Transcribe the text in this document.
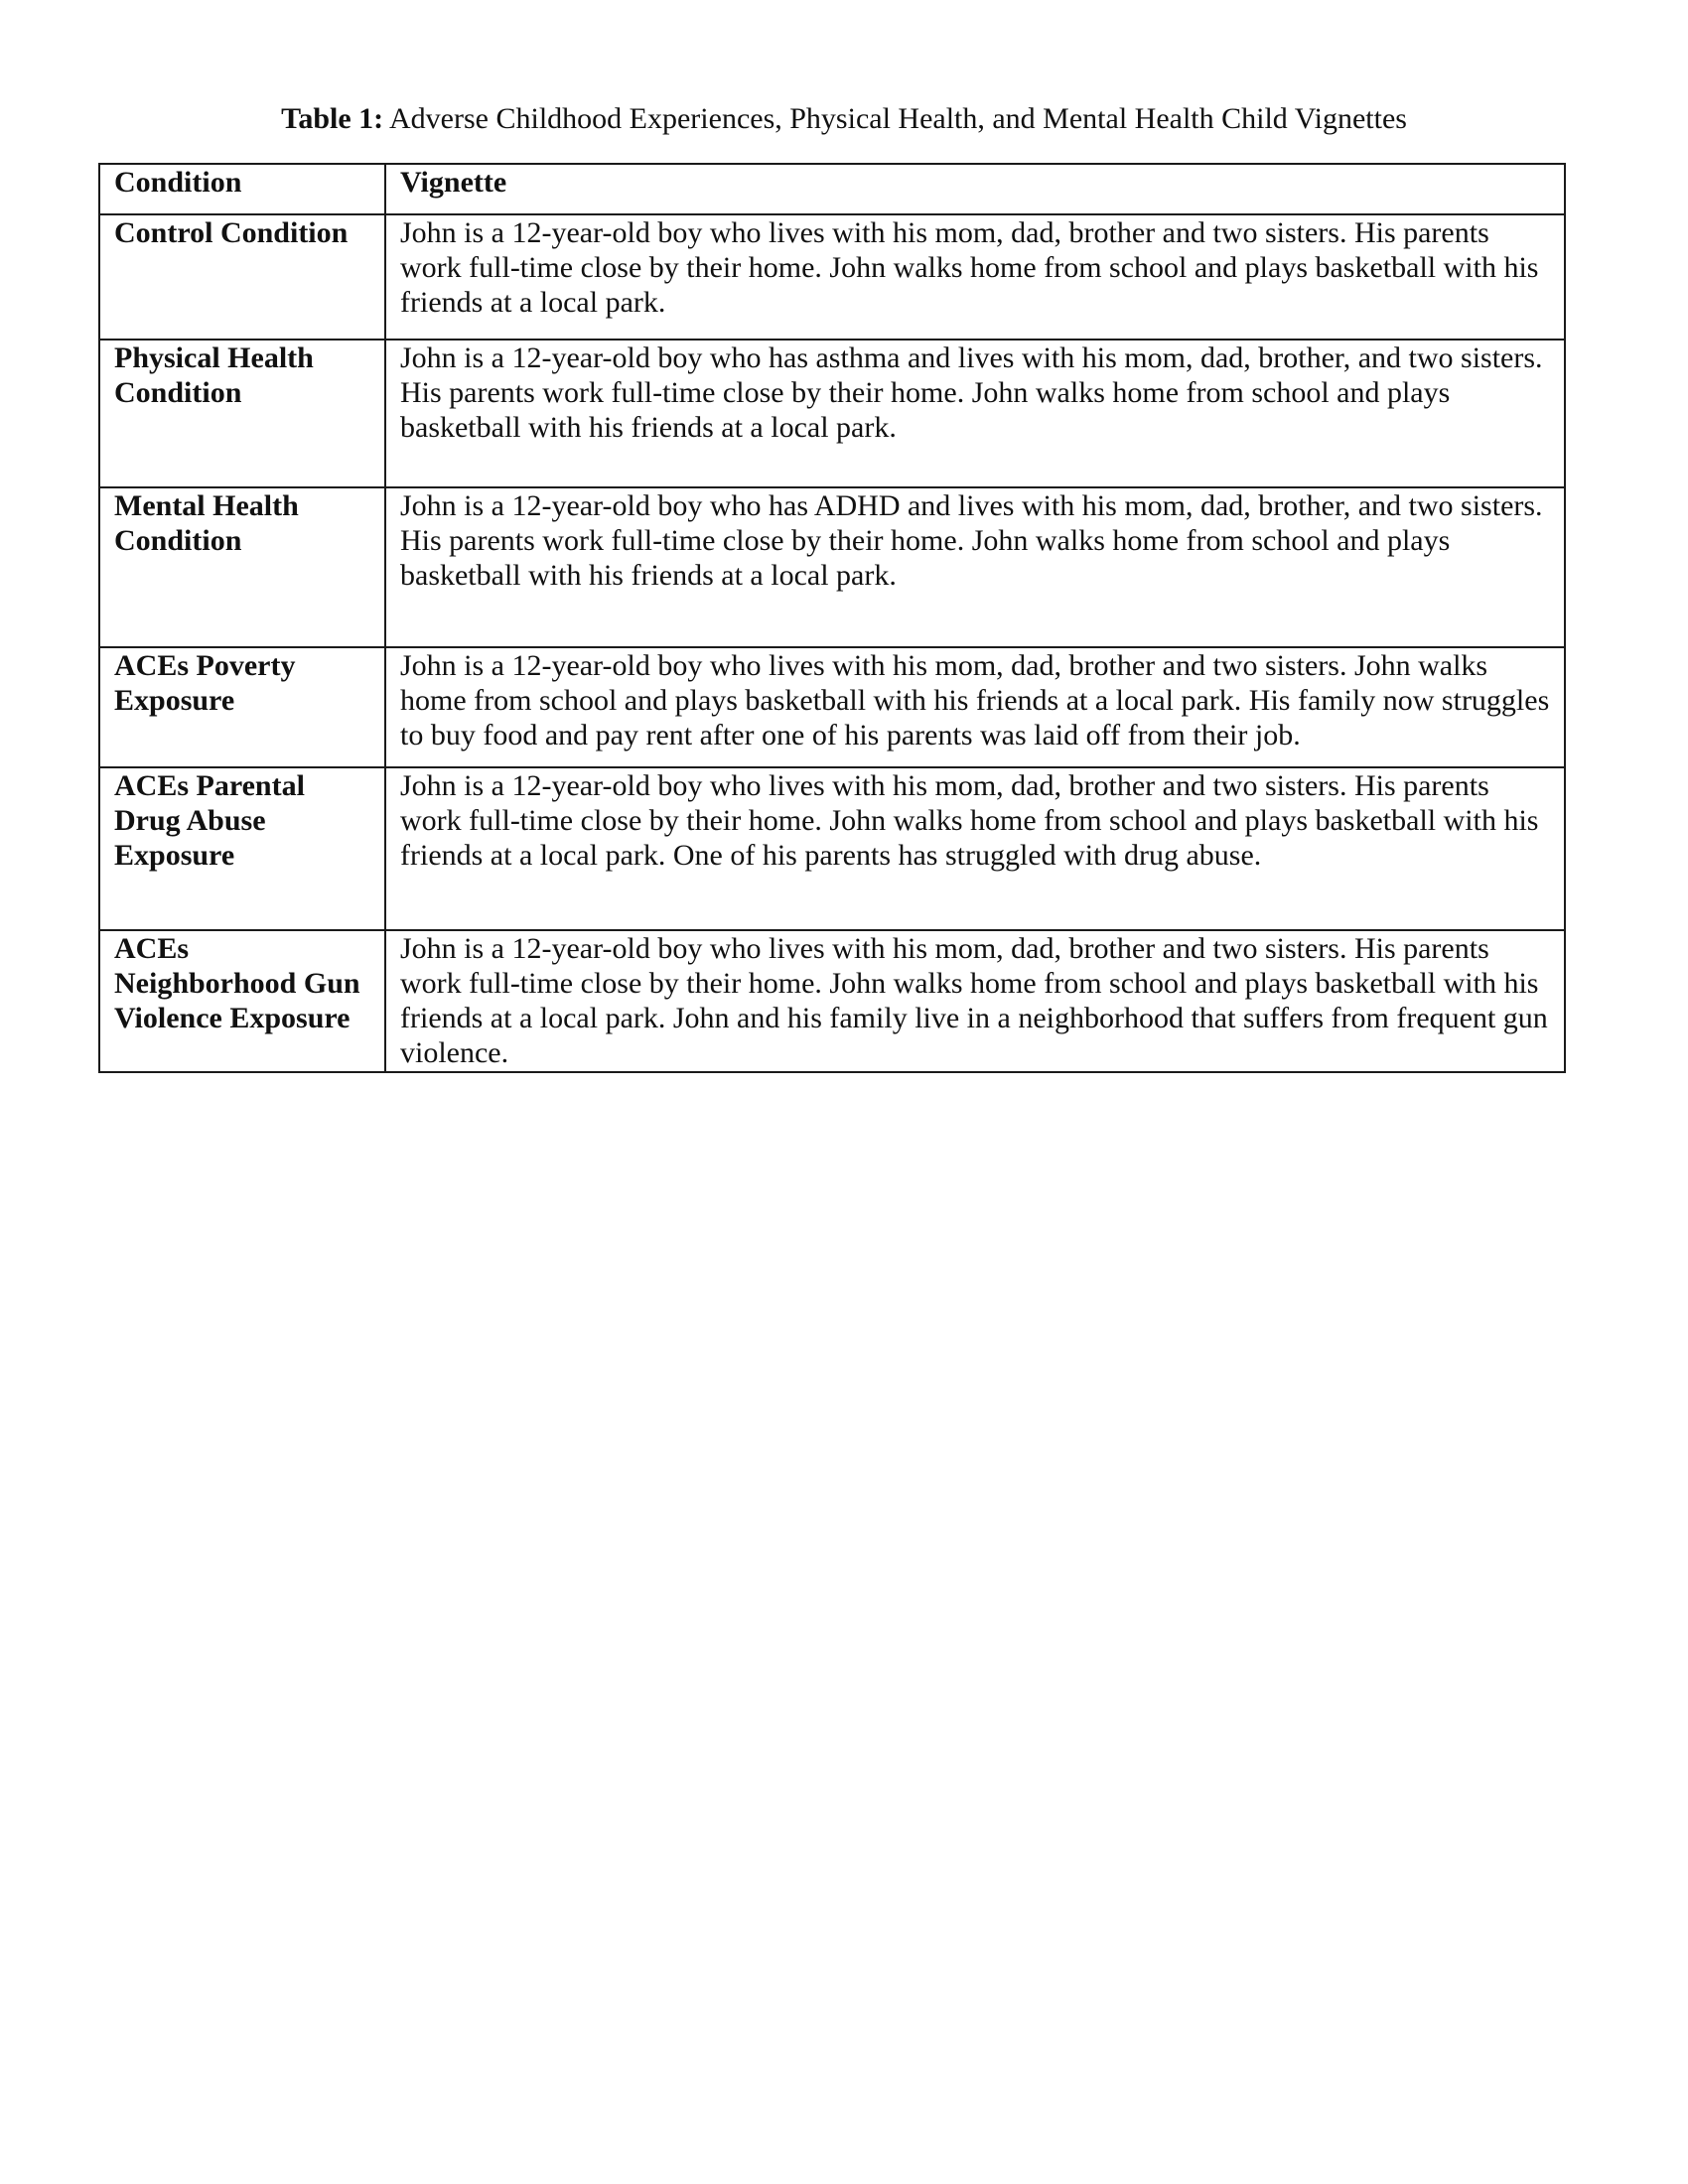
Table 1: Adverse Childhood Experiences, Physical Health, and Mental Health Child Vignettes
Condition	Vignette
Control Condition	John is a 12-year-old boy who lives with his mom, dad, brother and two sisters. His parents work full-time close by their home. John walks home from school and plays basketball with his friends at a local park.
Physical Health Condition	John is a 12-year-old boy who has asthma and lives with his mom, dad, brother, and two sisters. His parents work full-time close by their home. John walks home from school and plays basketball with his friends at a local park.
Mental Health Condition	John is a 12-year-old boy who has ADHD and lives with his mom, dad, brother, and two sisters. His parents work full-time close by their home. John walks home from school and plays basketball with his friends at a local park.
ACEs Poverty Exposure	John is a 12-year-old boy who lives with his mom, dad, brother and two sisters. John walks home from school and plays basketball with his friends at a local park. His family now struggles to buy food and pay rent after one of his parents was laid off from their job.
ACEs Parental Drug Abuse Exposure	John is a 12-year-old boy who lives with his mom, dad, brother and two sisters. His parents work full-time close by their home. John walks home from school and plays basketball with his friends at a local park. One of his parents has struggled with drug abuse.
ACEs Neighborhood Gun Violence Exposure	John is a 12-year-old boy who lives with his mom, dad, brother and two sisters. His parents work full-time close by their home. John walks home from school and plays basketball with his friends at a local park. John and his family live in a neighborhood that suffers from frequent gun violence.
